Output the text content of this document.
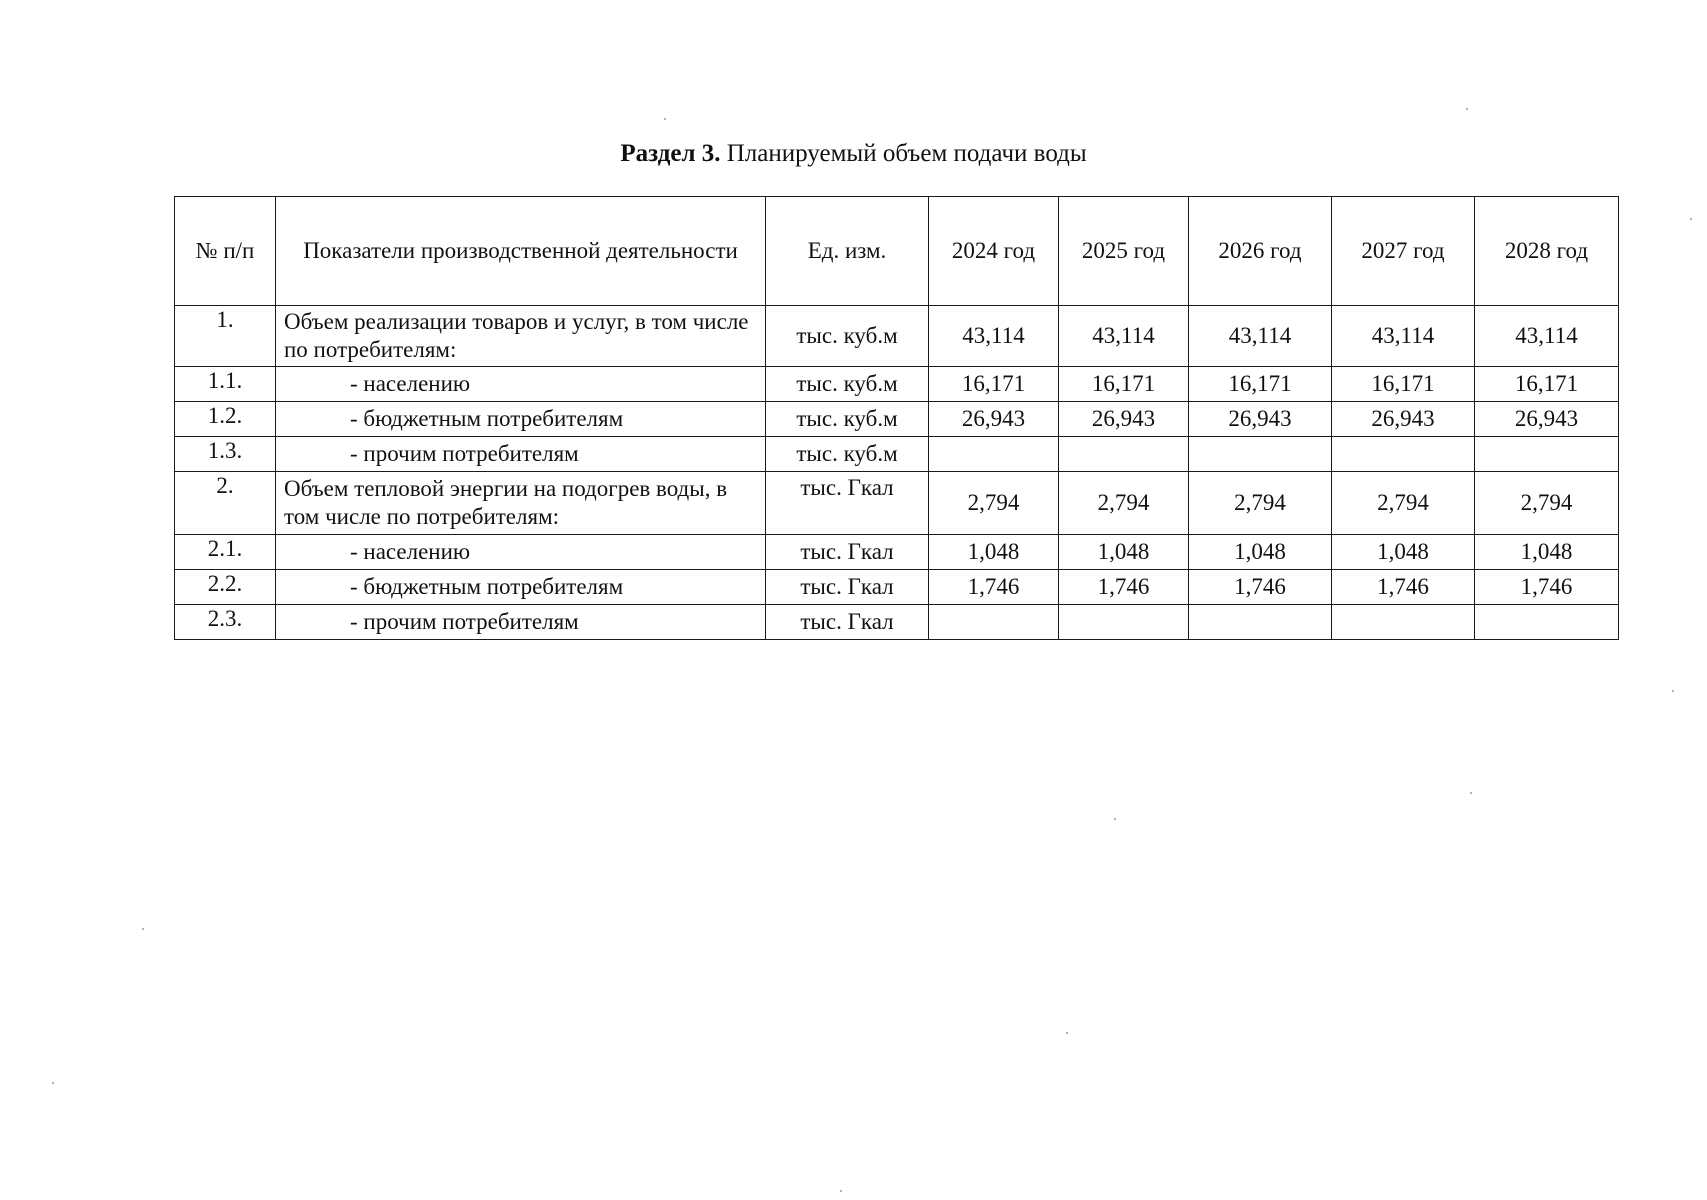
Раздел 3. Планируемый объем подачи воды
№ п/п	Показатели производственной деятельности	Ед. изм.	2024 год	2025 год	2026 год	2027 год	2028 год
1.	Объем реализации товаров и услуг, в том числе по потребителям:	тыс. куб.м	43,114	43,114	43,114	43,114	43,114
1.1.	- населению	тыс. куб.м	16,171	16,171	16,171	16,171	16,171
1.2.	- бюджетным потребителям	тыс. куб.м	26,943	26,943	26,943	26,943	26,943
1.3.	- прочим потребителям	тыс. куб.м					
2.	Объем тепловой энергии на подогрев воды, в том числе по потребителям:	тыс. Гкал	2,794	2,794	2,794	2,794	2,794
2.1.	- населению	тыс. Гкал	1,048	1,048	1,048	1,048	1,048
2.2.	- бюджетным потребителям	тыс. Гкал	1,746	1,746	1,746	1,746	1,746
2.3.	- прочим потребителям	тыс. Гкал					
